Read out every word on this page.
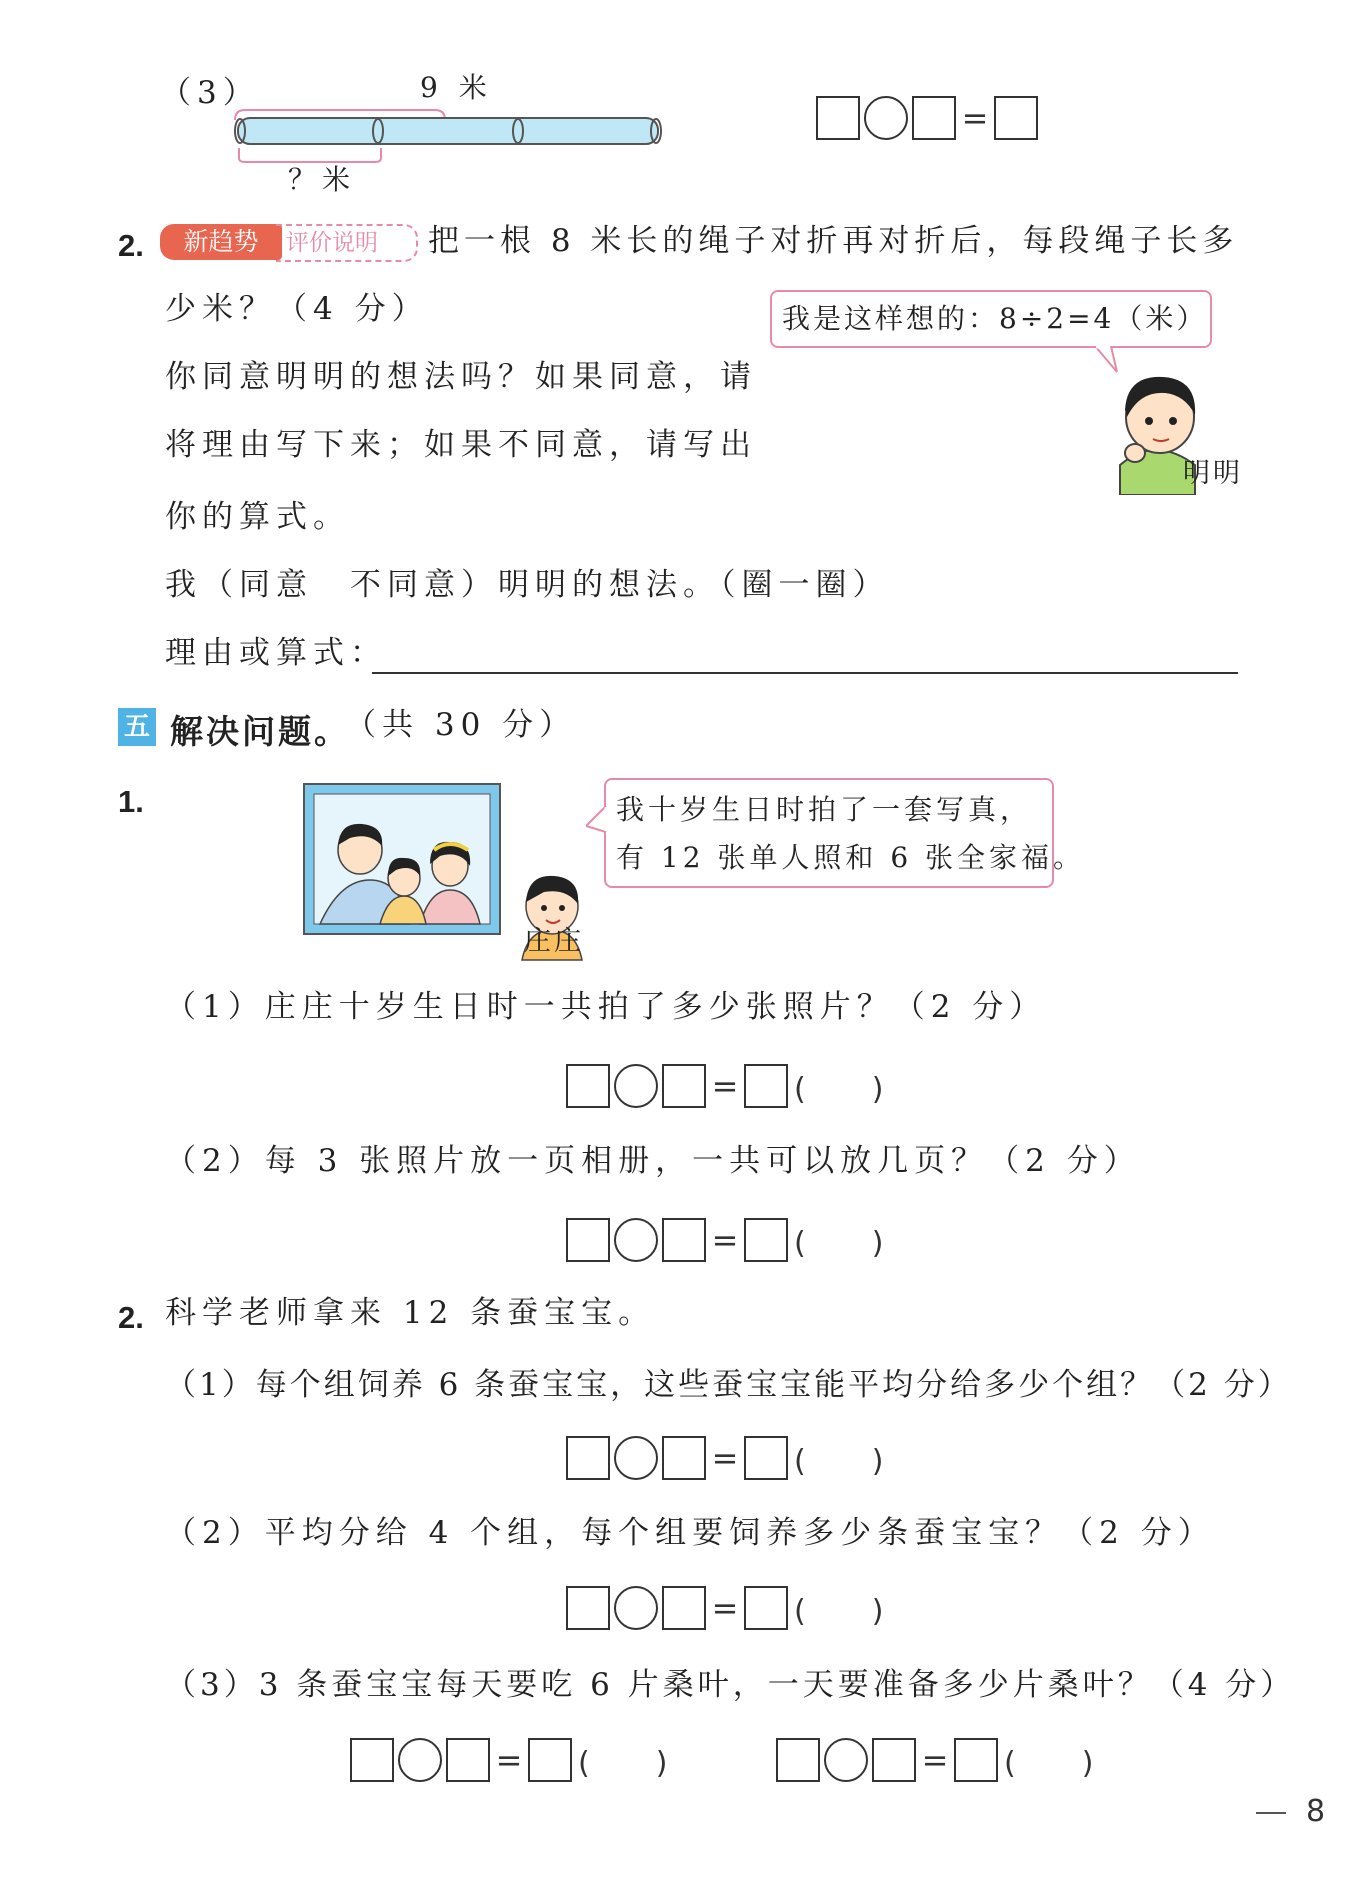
（3）	9 米
？米
=
2.	新趋势	评价说明	把一根 8 米长的绳子对折再对折后，每段绳子长多
少米？（4 分）	我是这样想的：8÷2=4（米）
明明
你同意明明的想法吗？如果同意，请
将理由写下来；如果不同意，请写出
你的算式。
我（同意　不同意）明明的想法。（圈一圈）
理由或算式：
五 解决问题。
（共 30 分）
1.
庄庄
我十岁生日时拍了一套写真，
有 12 张单人照和 6 张全家福。
（1）庄庄十岁生日时一共拍了多少张照片？（2 分）
= (　　)
（2）每 3 张照片放一页相册，一共可以放几页？（2 分）
= (　　)
2. 科学老师拿来 12 条蚕宝宝。
（1）每个组饲养 6 条蚕宝宝，这些蚕宝宝能平均分给多少个组？（2 分）
= (　　)
（2）平均分给 4 个组，每个组要饲养多少条蚕宝宝？（2 分）
= (　　)
（3）3 条蚕宝宝每天要吃 6 片桑叶，一天要准备多少片桑叶？（4 分）
= (　　)	= (　　)
8
